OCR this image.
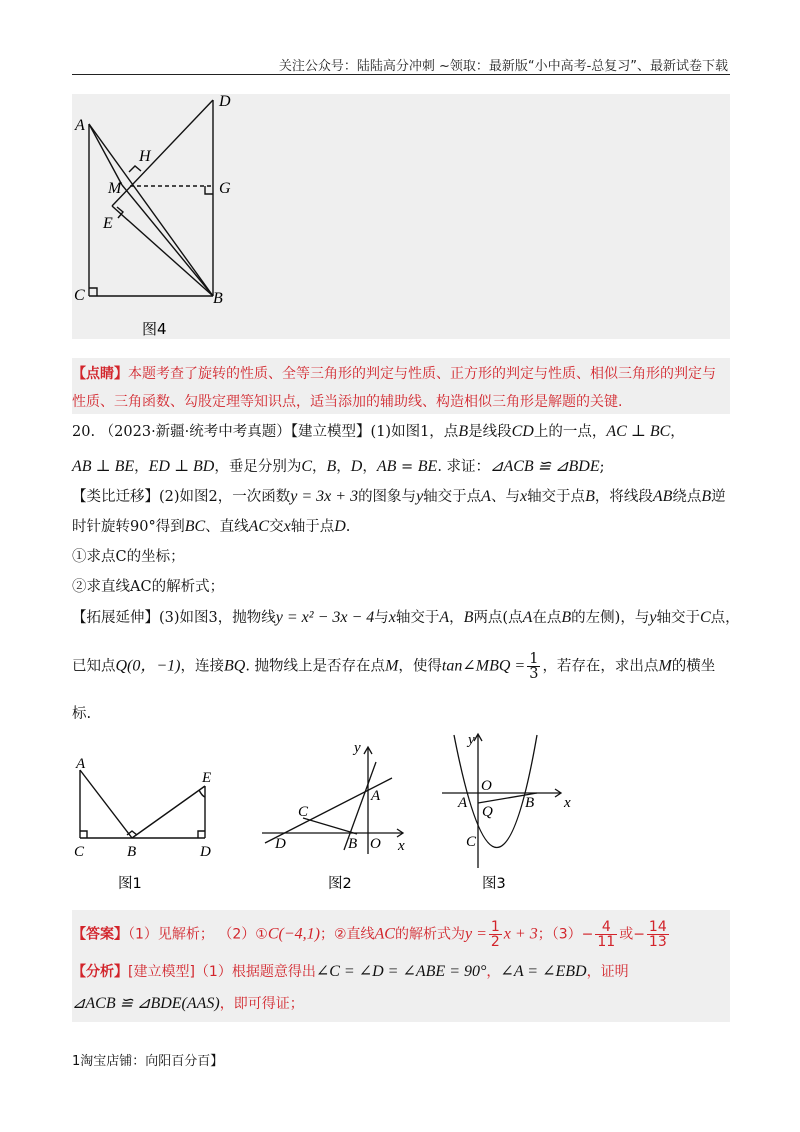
关注公众号：陆陆高分冲刺 ~领取：最新版“小中高考-总复习”、最新试卷下载
A
D
H
M	G
E
C	B
图4
【点睛】本题考查了旋转的性质、全等三角形的判定与性质、正方形的判定与性质、相似三角形的判定与
性质、三角函数、勾股定理等知识点，适当添加的辅助线、构造相似三角形是解题的关键.
20. （2023·新疆·统考中考真题）【建立模型】(1)如图1，点B是线段CD上的一点，AC ⊥ BC，
AB ⊥ BE，ED ⊥ BD，垂足分别为C，B，D，AB = BE. 求证：⊿ACB ≌ ⊿BDE;
【类比迁移】(2)如图2，一次函数y = 3x + 3的图象与y轴交于点A、与x轴交于点B，将线段AB绕点B逆
时针旋转90°得到BC、直线AC交x轴于点D.
①求点C的坐标；
②求直线AC的解析式；
【拓展延伸】(3)如图3，抛物线y = x² − 3x − 4与x轴交于A，B两点(点A在点B的左侧)，与y轴交于C点，
已知点Q(0，−1)，连接BQ. 抛物线上是否存在点M，使得tan∠MBQ = $\frac{1}{3}$ ，若存在，求出点M的横坐
标.
A
E
C	B	D
图1
y
A
C
D	B O x
图2
y
O
A
Q
B x
C
图3
【答案】（1）见解析； （2）①C(−4,1)；②直线AC的解析式为$y = \frac{1}{2}$ x + 3；$(3)- \frac{4}{11}$ 或− $\frac{14}{13}$
【分析】[建立模型]（1）根据题意得出∠C = ∠D = ∠ABE = 90°，∠A = ∠EBD，证明
⊿ACB ≌ ⊿BDE(AAS)，即可得证；
1淘宝店铺：向阳百分百】
